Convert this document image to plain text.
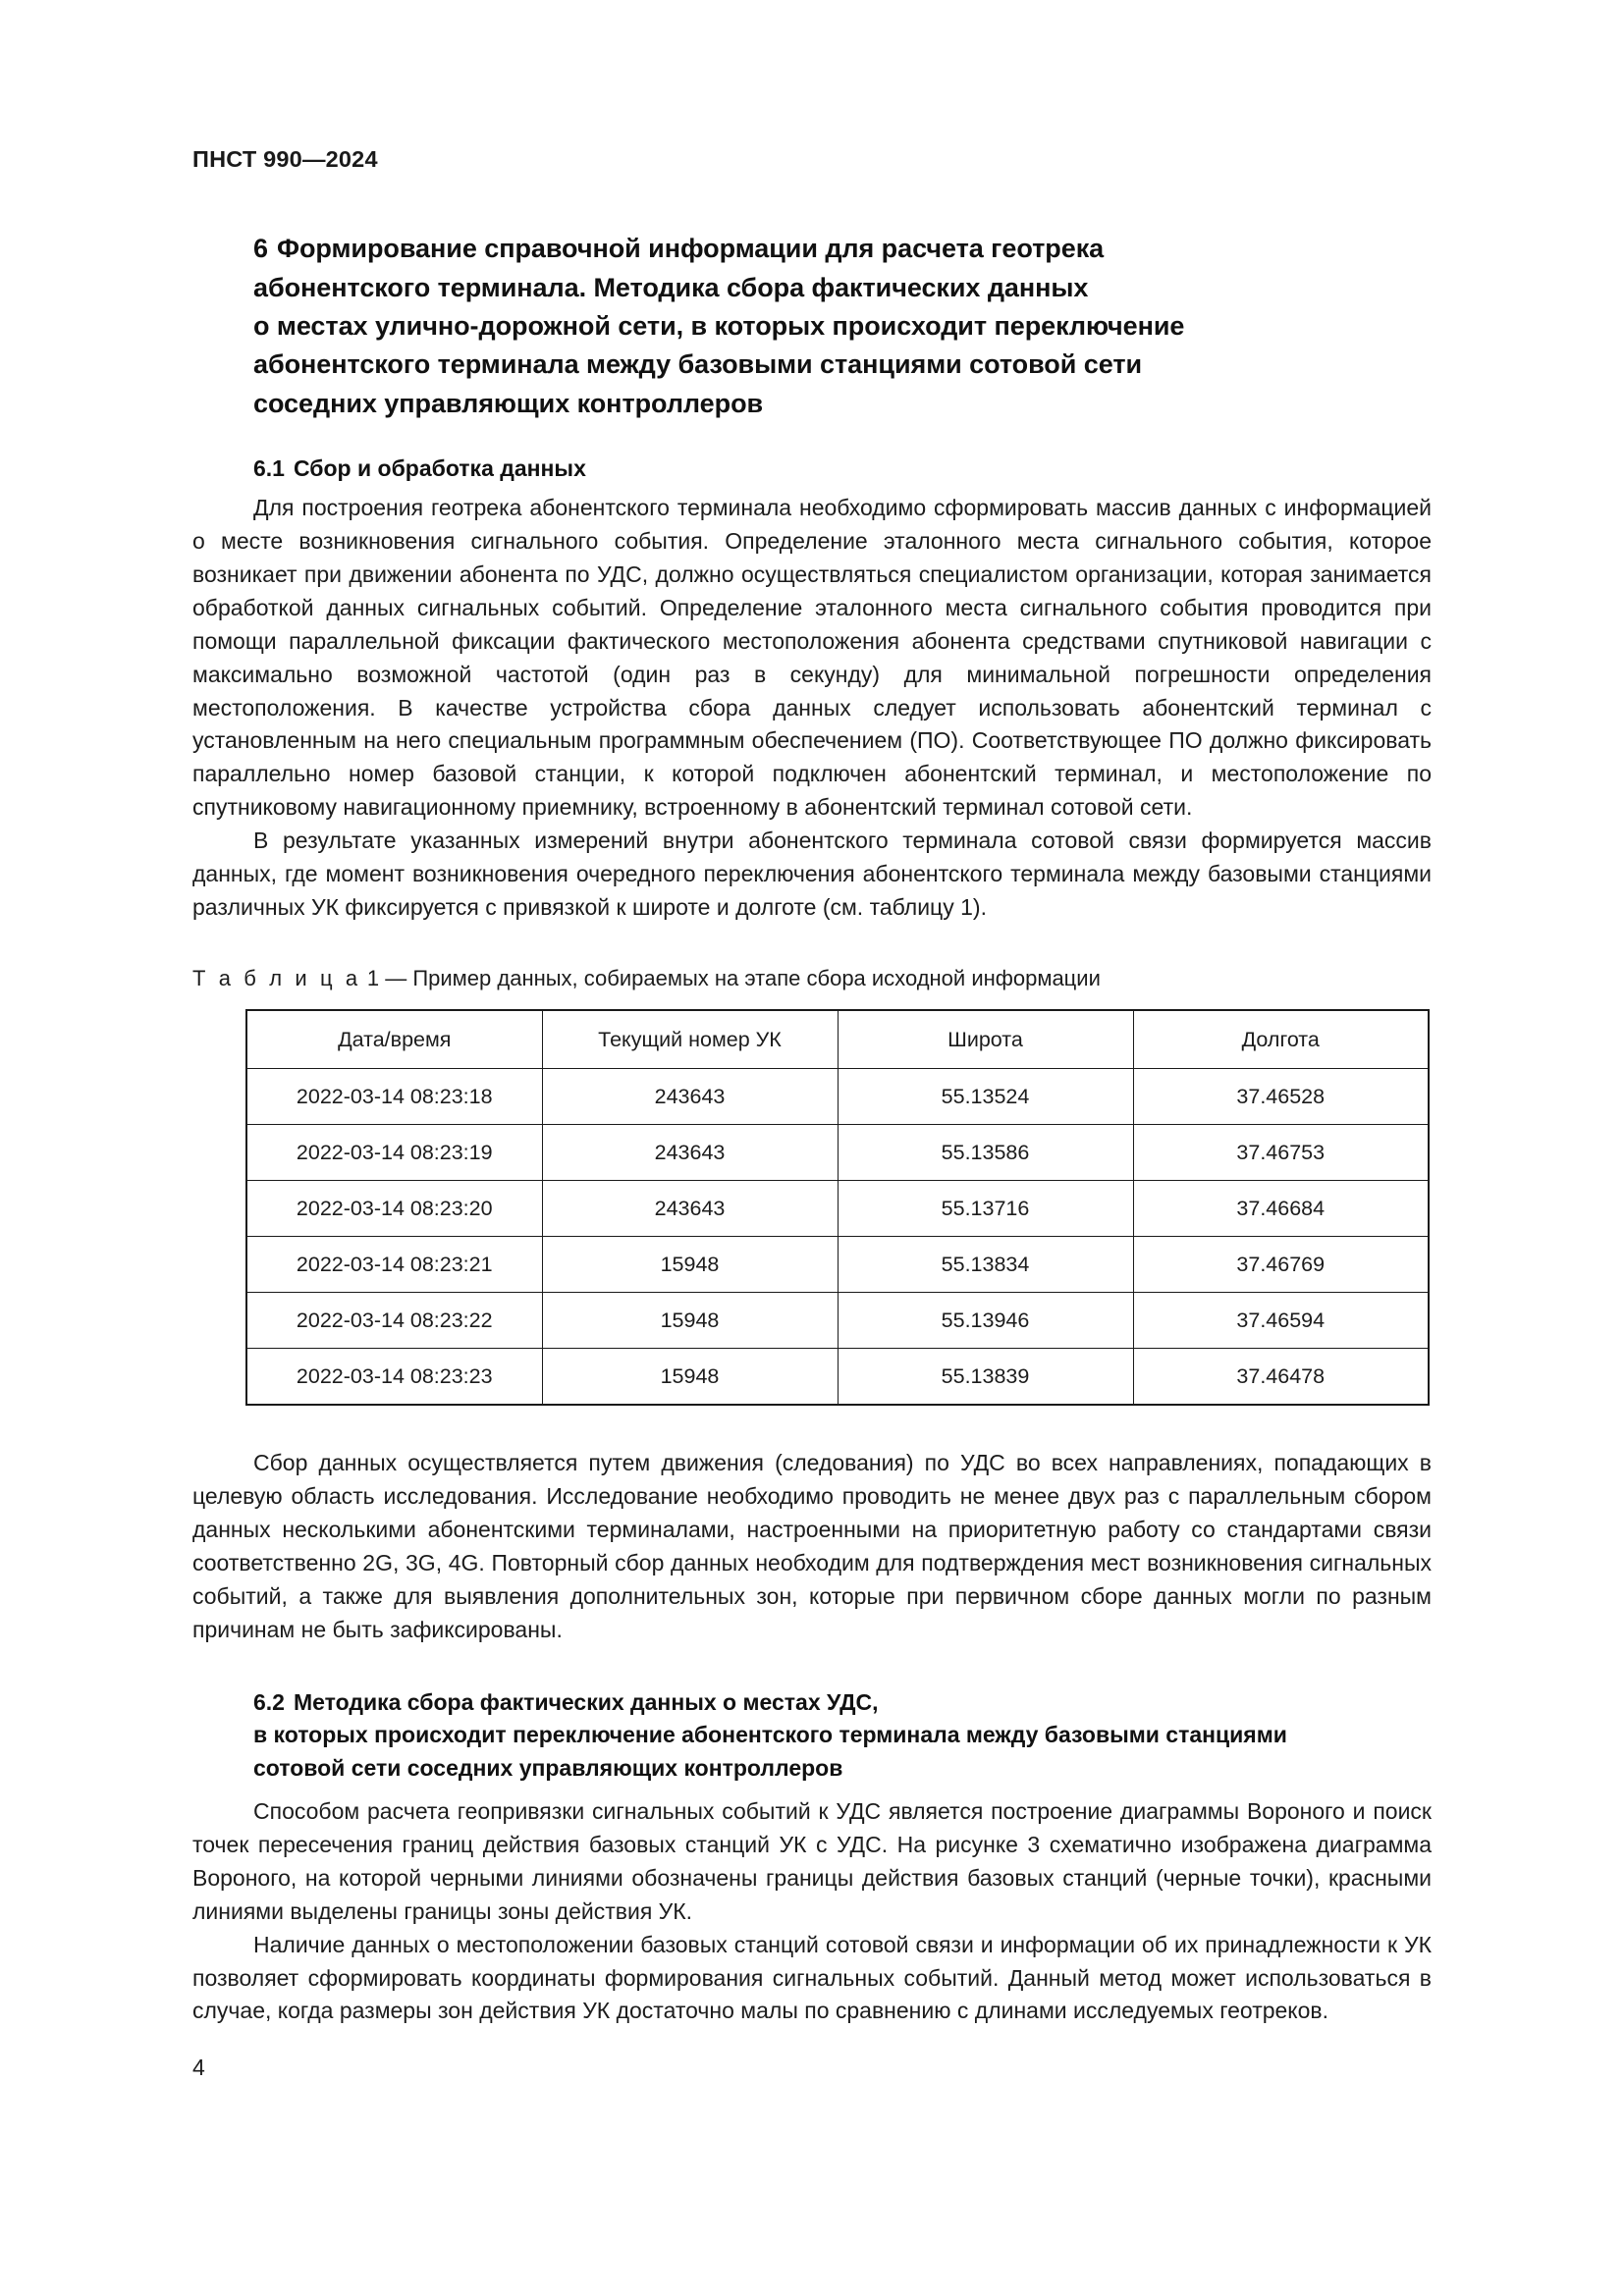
ПНСТ 990—2024
6 Формирование справочной информации для расчета геотрека
абонентского терминала. Методика сбора фактических данных
о местах улично-дорожной сети, в которых происходит переключение
абонентского терминала между базовыми станциями сотовой сети
соседних управляющих контроллеров
6.1 Сбор и обработка данных

Для построения геотрека абонентского терминала необходимо сформировать массив данных с информацией о месте возникновения сигнального события. Определение эталонного места сигнального события, которое возникает при движении абонента по УДС, должно осуществляться специалистом организации, которая занимается обработкой данных сигнальных событий. Определение эталонного места сигнального события проводится при помощи параллельной фиксации фактического местоположения абонента средствами спутниковой навигации с максимально возможной частотой (один раз в секунду) для минимальной погрешности определения местоположения. В качестве устройства сбора данных следует использовать абонентский терминал с установленным на него специальным программным обеспечением (ПО). Соответствующее ПО должно фиксировать параллельно номер базовой станции, к которой подключен абонентский терминал, и местоположение по спутниковому навигационному приемнику, встроенному в абонентский терминал сотовой сети.

В результате указанных измерений внутри абонентского терминала сотовой связи формируется массив данных, где момент возникновения очередного переключения абонентского терминала между базовыми станциями различных УК фиксируется с привязкой к широте и долготе (см. таблицу 1).

Т а б л и ц а 1 — Пример данных, собираемых на этапе сбора исходной информации
Дата/время	Текущий номер УК	Широта	Долгота
2022-03-14 08:23:18	243643	55.13524	37.46528
2022-03-14 08:23:19	243643	55.13586	37.46753
2022-03-14 08:23:20	243643	55.13716	37.46684
2022-03-14 08:23:21	15948	55.13834	37.46769
2022-03-14 08:23:22	15948	55.13946	37.46594
2022-03-14 08:23:23	15948	55.13839	37.46478

Сбор данных осуществляется путем движения (следования) по УДС во всех направлениях, попадающих в целевую область исследования. Исследование необходимо проводить не менее двух раз с параллельным сбором данных несколькими абонентскими терминалами, настроенными на приоритетную работу со стандартами связи соответственно 2G, 3G, 4G. Повторный сбор данных необходим для подтверждения мест возникновения сигнальных событий, а также для выявления дополнительных зон, которые при первичном сборе данных могли по разным причинам не быть зафиксированы.

6.2 Методика сбора фактических данных о местах УДС,
в которых происходит переключение абонентского терминала между базовыми станциями
сотовой сети соседних управляющих контроллеров

Способом расчета геопривязки сигнальных событий к УДС является построение диаграммы Вороного и поиск точек пересечения границ действия базовых станций УК с УДС. На рисунке 3 схематично изображена диаграмма Вороного, на которой черными линиями обозначены границы действия базовых станций (черные точки), красными линиями выделены границы зоны действия УК.

Наличие данных о местоположении базовых станций сотовой связи и информации об их принадлежности к УК позволяет сформировать координаты формирования сигнальных событий. Данный метод может использоваться в случае, когда размеры зон действия УК достаточно малы по сравнению с длинами исследуемых геотреков.

4
